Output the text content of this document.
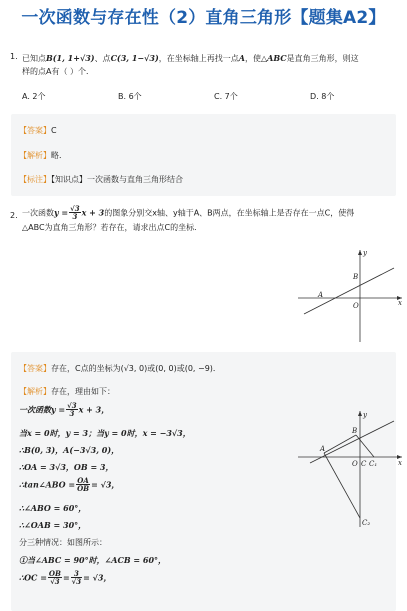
一次函数与存在性（2）直角三角形【题集A2】
1. 已知点B(1, 1+√3)、点C(3, 1−√3)，在坐标轴上再找一点A，使△ABC是直角三角形，则这
样的点A有（ ）个．
A. 2个	B. 6个	C. 7个	D. 8个
【答案】C
【解析】略．
【标注】【知识点】一次函数与直角三角形结合
2. 一次函数$y = \frac{√3}{3}$ x + 3的图象分别交x轴、y轴于A、B两点，在坐标轴上是否存在一点C，使得
△ABC为直角三角形？若存在，请求出点C的坐标．
A
B
O	x
y
【答案】存在，C点的坐标为(√3, 0)或(0, 0)或(0, −9)．
【解析】存在，理由如下：
一次函数$y = \frac{√3}{3}$ x + 3，
当x = 0时，y = 3；当y = 0时，x = −3√3，
∴B(0, 3)，A(−3√3, 0)，
∴OA = 3√3，OB = 3，
∴tan∠ABO = $\frac{OA}{OB} = √3$，
∴∠ABO = 60°，
∴∠OAB = 30°，
分三种情况：如图所示：
①当∠ABC = 90°时，∠ACB = 60°，
∴OC = $\frac{OB}{√3} = \frac{3}{√3} = √3$，
A
B
O C C₁
C₂
x
y
